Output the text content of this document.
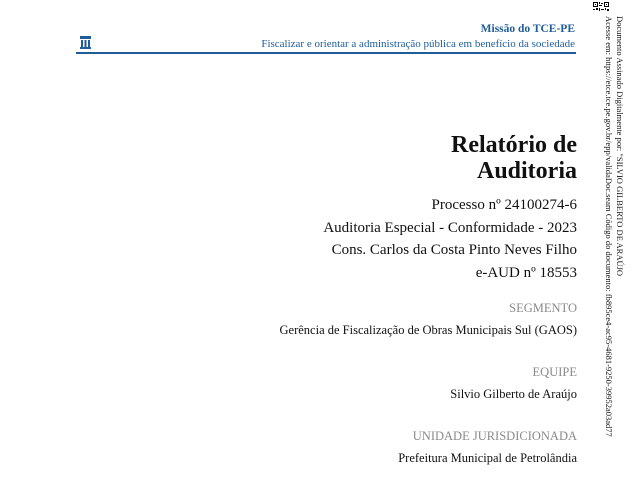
Missão do TCE-PE
Fiscalizar e orientar a administração pública em benefício da sociedade	Documento Assinado Digitalmente por: "SILVIO GILBERTO DE ARAÚJO
Acesse em: https://etce.tce.pe.gov.br/epp/validaDoc.seam Código do documento: fb895ce4-ac95-4681-9250-39952a03ad77
Relatório de
Auditoria
Processo nº 24100274-6
Auditoria Especial - Conformidade - 2023
Cons. Carlos da Costa Pinto Neves Filho
e-AUD nº 18553
SEGMENTO
Gerência de Fiscalização de Obras Municipais Sul (GAOS)
EQUIPE
Silvio Gilberto de Araújo
UNIDADE JURISDICIONADA
Prefeitura Municipal de Petrolândia
